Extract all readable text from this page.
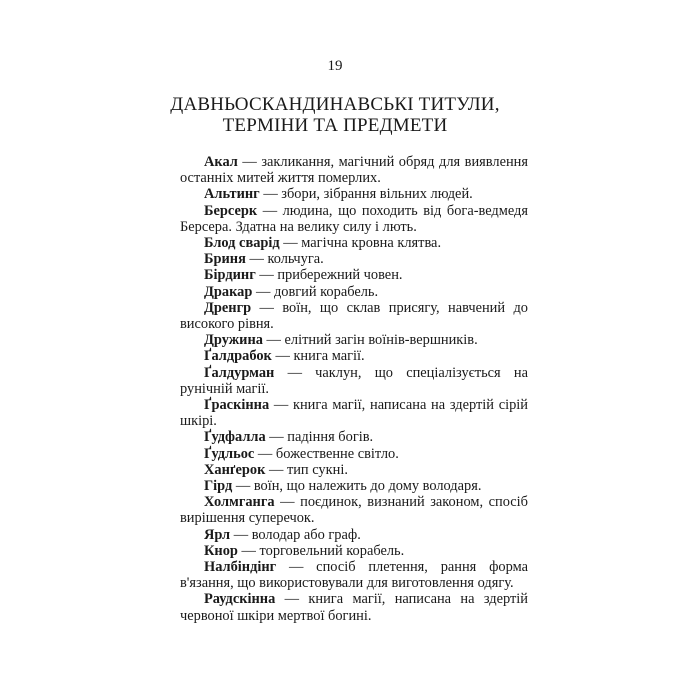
19
ДАВНЬОСКАНДИНАВСЬКІ ТИТУЛИ,
ТЕРМІНИ ТА ПРЕДМЕТИ

Акал — закликання, магічний обряд для виявлення останніх митей життя померлих.

Альтинг — збори, зібрання вільних людей.

Берсерк — людина, що походить від бога-ведмедя Берсера. Здатна на велику силу і лють.

Блод сварід — магічна кровна клятва.

Бриня — кольчуга.

Бірдинг — прибережний човен.

Дракар — довгий корабель.

Дренгр — воїн, що склав присягу, навчений до високого рівня.

Дружина — елітний загін воїнів-вершників.

Ґалдрабок — книга магії.

Ґалдурман — чаклун, що спеціалізується на рунічній магії.

Ґраскінна — книга магії, написана на здертій сірій шкірі.

Ґудфалла — падіння богів.

Ґудльос — божественне світло.

Ханґерок — тип сукні.

Гірд — воїн, що належить до дому володаря.

Холмганга — поєдинок, визнаний законом, спосіб вирішення суперечок.

Ярл — володар або граф.

Кнор — торговельний корабель.

Налбіндінг — спосіб плетення, рання форма в'язання, що використовували для виготовлення одягу.

Раудскінна — книга магії, написана на здертій червоної шкіри мертвої богині.
